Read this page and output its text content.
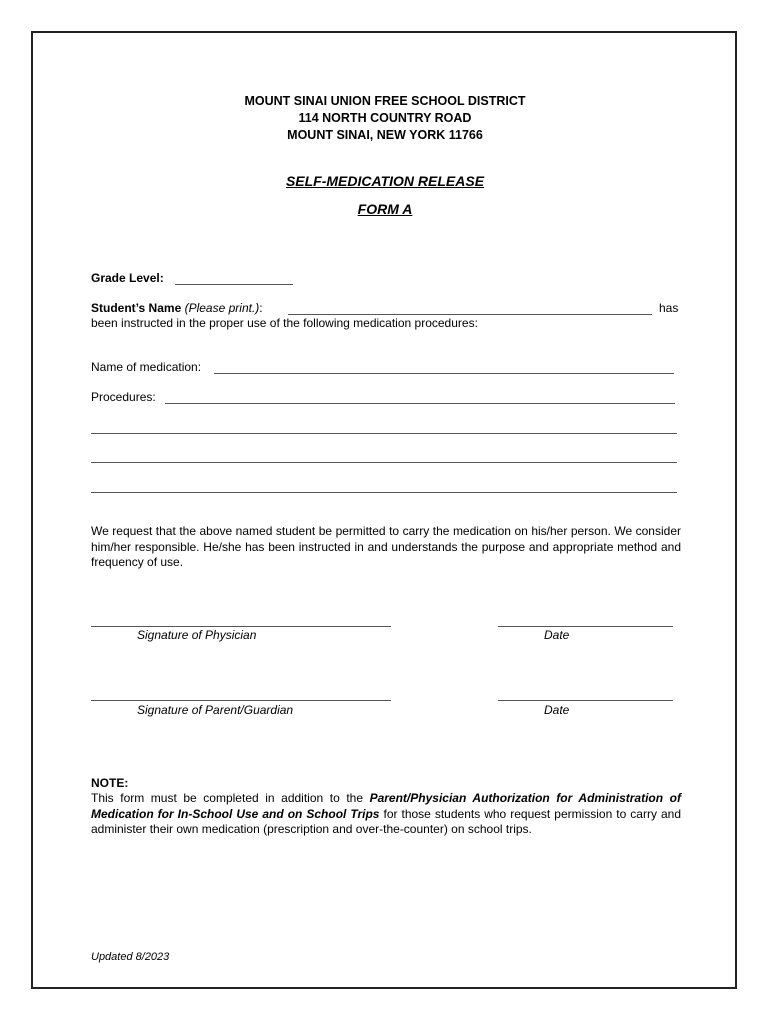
MOUNT SINAI UNION FREE SCHOOL DISTRICT
114 NORTH COUNTRY ROAD
MOUNT SINAI, NEW YORK 11766
SELF-MEDICATION RELEASE
FORM A
Grade Level:
Student’s Name (Please print.):	has
been instructed in the proper use of the following medication procedures:
Name of medication:
Procedures:
We request that the above named student be permitted to carry the medication on his/her person. We consider him/her responsible. He/she has been instructed in and understands the purpose and appropriate method and frequency of use.
Signature of Physician	Date
Signature of Parent/Guardian	Date
NOTE:
This form must be completed in addition to the Parent/Physician Authorization for Administration of Medication for In-School Use and on School Trips for those students who request permission to carry and administer their own medication (prescription and over-the-counter) on school trips.
Updated 8/2023
